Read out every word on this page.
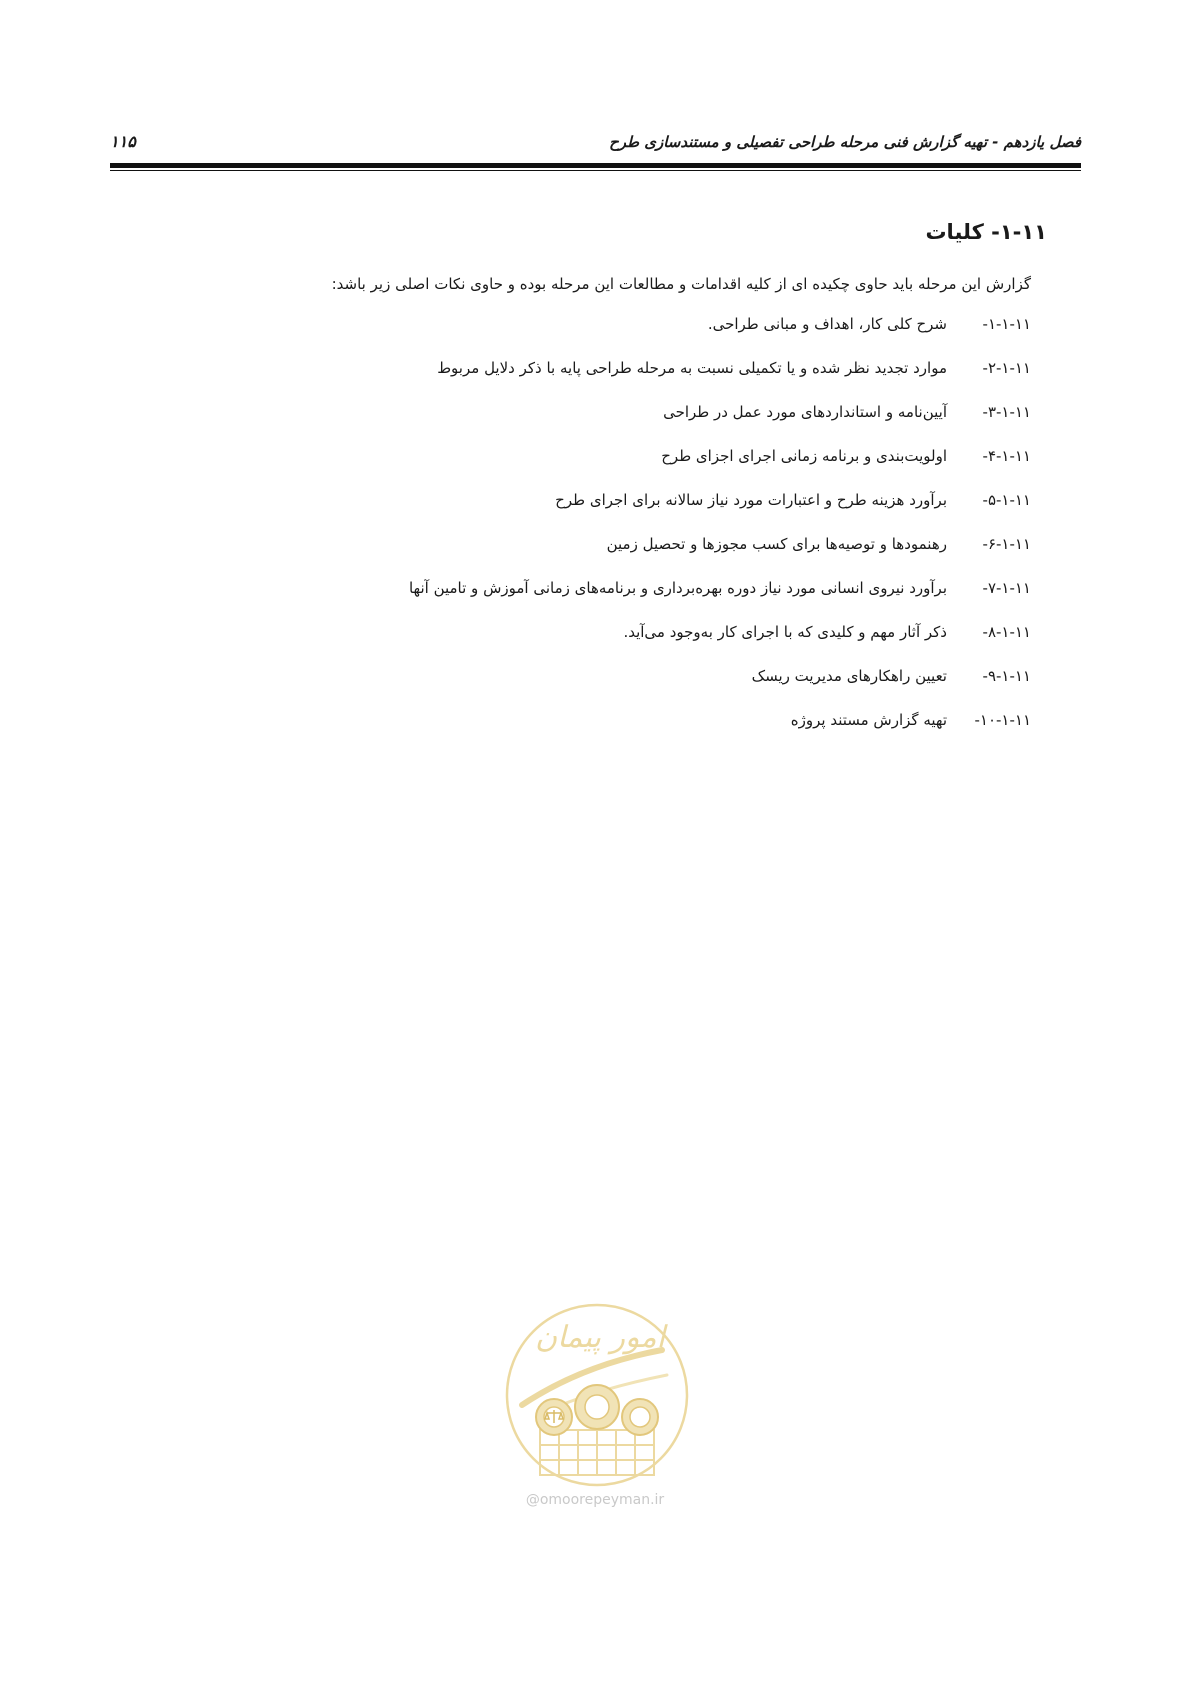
فصل یازدهم - تهیه گزارش فنی مرحله طراحی تفصیلی و مستندسازی طرح
۱۱۵
۱-۱۱- کلیات

گزارش این مرحله باید حاوی چکیده ای از کلیه اقدامات و مطالعات این مرحله بوده و حاوی نکات اصلی زیر باشد:

۱-۱-۱۱-
شرح کلی کار، اهداف و مبانی طراحی.
۲-۱-۱۱-
موارد تجدید نظر شده و یا تکمیلی نسبت به مرحله طراحی پایه با ذکر دلایل مربوط
۳-۱-۱۱-
آیین‌نامه و استانداردهای مورد عمل در طراحی
۴-۱-۱۱-
اولویت‌بندی و برنامه زمانی اجرای اجزای طرح
۵-۱-۱۱-
برآورد هزینه طرح و اعتبارات مورد نیاز سالانه برای اجرای طرح
۶-۱-۱۱-
رهنمودها و توصیه‌ها برای کسب مجوزها و تحصیل زمین
۷-۱-۱۱-
برآورد نیروی انسانی مورد نیاز دوره بهره‌برداری و برنامه‌های زمانی آموزش و تامین آنها
۸-۱-۱۱-
ذکر آثار مهم و کلیدی که با اجرای کار به‌وجود می‌آید.
۹-۱-۱۱-
تعیین راهکارهای مدیریت ریسک
۱۰-۱-۱۱-
تهیه گزارش مستند پروژه
امور پیمان
@omoorepeyman.ir
